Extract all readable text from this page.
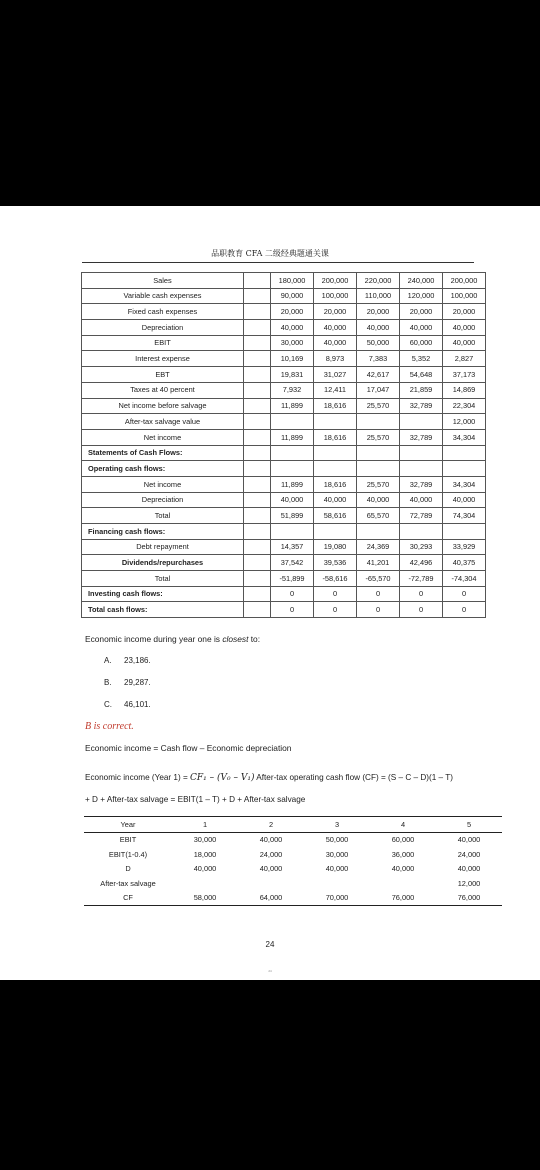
品职教育 CFA 二级经典题通关课
Sales		180,000	200,000	220,000	240,000	200,000
Variable cash expenses		90,000	100,000	110,000	120,000	100,000
Fixed cash expenses		20,000	20,000	20,000	20,000	20,000
Depreciation		40,000	40,000	40,000	40,000	40,000
EBIT		30,000	40,000	50,000	60,000	40,000
Interest expense		10,169	8,973	7,383	5,352	2,827
EBT		19,831	31,027	42,617	54,648	37,173
Taxes at 40 percent		7,932	12,411	17,047	21,859	14,869
Net income before salvage		11,899	18,616	25,570	32,789	22,304
After-tax salvage value						12,000
Net income		11,899	18,616	25,570	32,789	34,304
Statements of Cash Flows:						
Operating cash flows:						
Net income		11,899	18,616	25,570	32,789	34,304
Depreciation		40,000	40,000	40,000	40,000	40,000
Total		51,899	58,616	65,570	72,789	74,304
Financing cash flows:						
Debt repayment		14,357	19,080	24,369	30,293	33,929
Dividends/repurchases		37,542	39,536	41,201	42,496	40,375
Total		-51,899	-58,616	-65,570	-72,789	-74,304
Investing cash flows:		0	0	0	0	0
Total cash flows:		0	0	0	0	0
Economic income during year one is closest to:
A. 23,186.
B. 29,287.
C. 46,101.
B is correct.
Economic income = Cash flow – Economic depreciation
Economic income (Year 1) = CF₁ – (V₀ – V₁) After-tax operating cash flow (CF) = (S – C – D)(1 – T)
+ D + After-tax salvage = EBIT(1 – T) + D + After-tax salvage
Year	1	2	3	4	5
EBIT	30,000	40,000	50,000	60,000	40,000
EBIT(1-0.4)	18,000	24,000	30,000	36,000	24,000
D	40,000	40,000	40,000	40,000	40,000
After-tax salvage					12,000
CF	58,000	64,000	70,000	76,000	76,000
24
24
